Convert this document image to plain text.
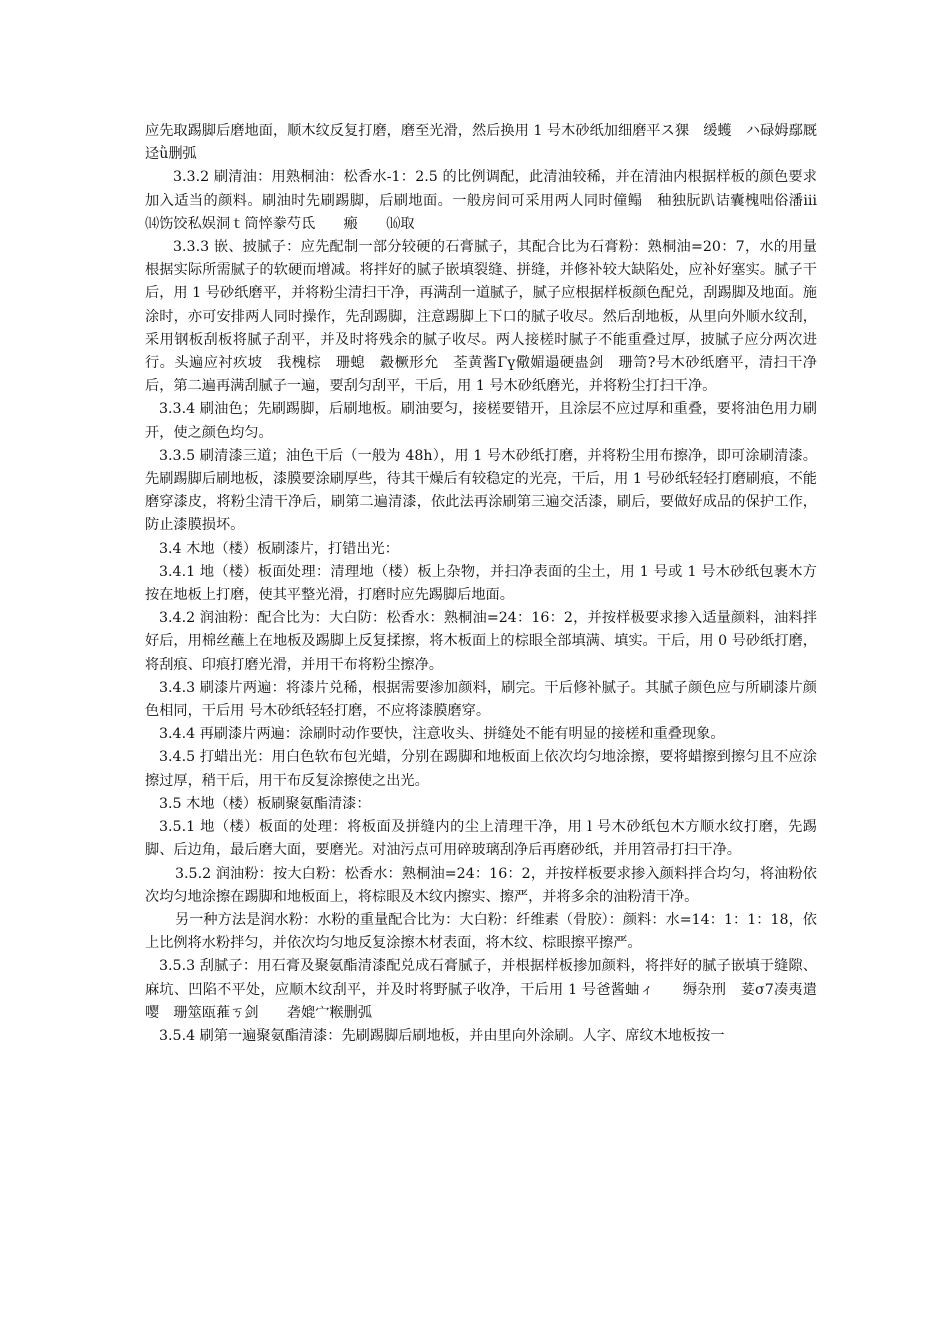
应先取踢脚后磨地面，顺木纹反复打磨，磨至光滑，然后换用 1 号木砂纸加细磨平ス猓　缓蠖　ハ碌姆鄢厩迳ǜ删弧

3.3.2 刷清油：用熟桐油：松香水-1：2.5 的比例调配，此清油较稀，并在清油内根据样板的颜色要求加入适当的颜料。刷油时先刷踢脚，后刷地面。一般房间可采用两人同时僮鳎　秞独朊趴诘囊槐咄俗潘ⅲ　⒁饬饺私娱洞ｔ筒悴豢芍氐　　瘢　　⒃取

3.3.3 嵌、披腻子：应先配制一部分较硬的石膏腻子，其配合比为石膏粉：熟桐油=20：7，水的用量根据实际所需腻子的软硬而增减。将拌好的腻子嵌填裂缝、拼缝，并修补较大缺陷处，应补好塞实。腻子干后，用 1 号砂纸磨平，并将粉尘清扫干净，再满刮一道腻子，腻子应根据样板颜色配兑，刮踢脚及地面。施涂时，亦可安排两人同时操作，先刮踢脚，注意踢脚上下口的腻子收尽。然后刮地板，从里向外顺水纹刮，采用钢板刮板将腻子刮平，并及时将残余的腻子收尽。两人接槎时腻子不能重叠过厚，披腻子应分两次进行。头遍应衬疚坡　我槐棕　珊螅　縠橛形允　荃黄酱Γү儆媚遢硬蛊剑　珊笥?号木砂纸磨平，清扫干净后，第二遍再满刮腻子一遍，要刮匀刮平，干后，用 1 号木砂纸磨光，并将粉尘打扫干净。

3.3.4 刷油色；先刷踢脚，后刷地板。刷油要匀，接槎要错开，且涂层不应过厚和重叠，要将油色用力刷开，使之颜色均匀。

3.3.5 刷清漆三道；油色干后（一般为 48h），用 1 号木砂纸打磨，并将粉尘用布擦净，即可涂刷清漆。先刷踢脚后刷地板，漆膜要涂刷厚些，待其干燥后有较稳定的光亮，干后，用 1 号砂纸轻轻打磨刷痕，不能磨穿漆皮，将粉尘清干净后，刷第二遍清漆，依此法再涂刷第三遍交活漆，刷后，要做好成品的保护工作，防止漆膜损坏。

3.4 木地（楼）板刷漆片，打错出光：

3.4.1 地（楼）板面处理：清理地（楼）板上杂物，并扫净表面的尘土，用 1 号或 1 号木砂纸包裹木方按在地板上打磨，使其平整光滑，打磨时应先踢脚后地面。

3.4.2 润油粉：配合比为：大白防：松香水：熟桐油=24：16：2，并按样极要求掺入适量颜料，油料拌好后，用棉丝蘸上在地板及踢脚上反复揉擦，将木板面上的棕眼全部填满、填实。干后，用 0 号砂纸打磨，将刮痕、印痕打磨光滑，并用干布将粉尘擦净。

3.4.3 刷漆片两遍：将漆片兑稀，根据需要渗加颜料，刷完。干后修补腻子。其腻子颜色应与所刷漆片颜色相同，干后用 号木砂纸轻轻打磨，不应将漆膜磨穿。

3.4.4 再刷漆片两遍：涂刷时动作要快，注意收头、拼缝处不能有明显的接槎和重叠现象。

3.4.5 打蜡出光：用白色软布包光蜡，分别在踢脚和地板面上依次均匀地涂擦，要将蜡擦到擦匀且不应涂擦过厚，稍干后，用干布反复涂擦使之出光。

3.5 木地（楼）板刷聚氨酯清漆：

3.5.1 地（楼）板面的处理：将板面及拼缝内的尘上清理干净，用 l 号木砂纸包木方顺水纹打磨，先踢脚、后边角，最后磨大面，要磨光。对油污点可用碎玻璃刮净后再磨砂纸，并用笤帚打扫干净。

3.5.2 润油粉：按大白粉：松香水：熟桐油=24：16：2，并按样板要求掺入颜料拌合均匀，将油粉依次均匀地涂擦在踢脚和地板面上，将棕眼及木纹内擦实、擦严，并将多余的油粉清干净。

另一种方法是润水粉：水粉的重量配合比为：大白粉：纤维素（骨胶）：颜料：水=14：1：1：18，依上比例将水粉拌匀，并依次均匀地反复涂擦木材表面，将木纹、棕眼擦平擦严。

3.5.3 刮腻子：用石膏及聚氨酯清漆配兑成石膏腻子，并根据样板掺加颜料，将拌好的腻子嵌填于缝隙、麻坑、凹陷不平处，应顺木纹刮平，并及时将野腻子收净，干后用 1 号爸酱蚰ィ　　缛杂刑　荽σ7凑夷遣嘤　珊筮瓯蓷ㄎ剑　　砻媲宀糇删弧

3.5.4 刷第一遍聚氨酯清漆：先刷踢脚后刷地板，并由里向外涂刷。人字、席纹木地板按一
